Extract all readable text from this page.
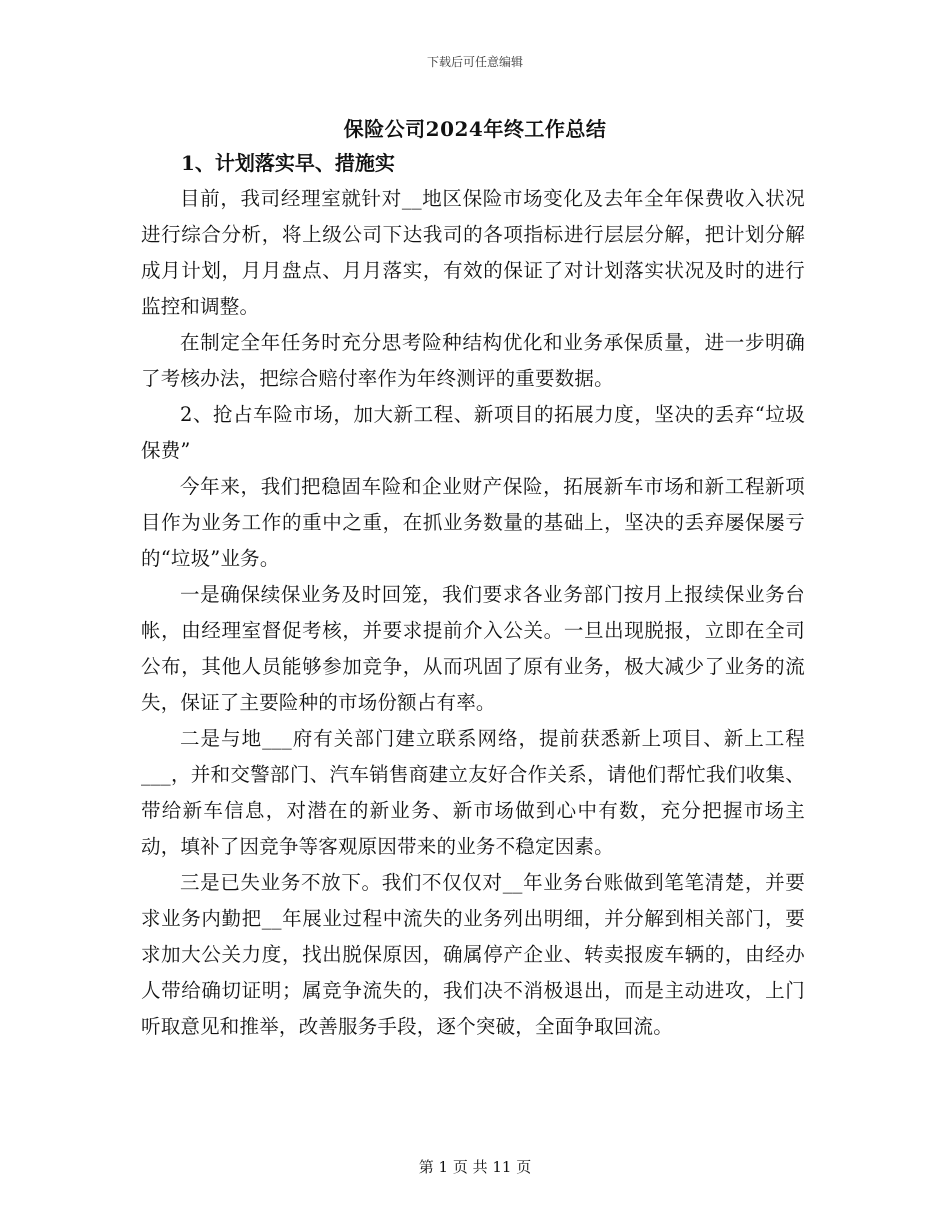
下载后可任意编辑
保险公司2024年终工作总结

1、计划落实早、措施实

目前，我司经理室就针对__地区保险市场变化及去年全年保费收入状况进行综合分析，将上级公司下达我司的各项指标进行层层分解，把计划分解成月计划，月月盘点、月月落实，有效的保证了对计划落实状况及时的进行监控和调整。

在制定全年任务时充分思考险种结构优化和业务承保质量，进一步明确了考核办法，把综合赔付率作为年终测评的重要数据。

2、抢占车险市场，加大新工程、新项目的拓展力度，坚决的丢弃“垃圾保费”

今年来，我们把稳固车险和企业财产保险，拓展新车市场和新工程新项目作为业务工作的重中之重，在抓业务数量的基础上，坚决的丢弃屡保屡亏的“垃圾”业务。

一是确保续保业务及时回笼，我们要求各业务部门按月上报续保业务台帐，由经理室督促考核，并要求提前介入公关。一旦出现脱报，立即在全司公布，其他人员能够参加竞争，从而巩固了原有业务，极大减少了业务的流失，保证了主要险种的市场份额占有率。

二是与地___府有关部门建立联系网络，提前获悉新上项目、新上工程___，并和交警部门、汽车销售商建立友好合作关系，请他们帮忙我们收集、带给新车信息，对潜在的新业务、新市场做到心中有数，充分把握市场主动，填补了因竞争等客观原因带来的业务不稳定因素。

三是已失业务不放下。我们不仅仅对__年业务台账做到笔笔清楚，并要求业务内勤把__年展业过程中流失的业务列出明细，并分解到相关部门，要求加大公关力度，找出脱保原因，确属停产企业、转卖报废车辆的，由经办人带给确切证明；属竞争流失的，我们决不消极退出，而是主动进攻，上门听取意见和推举，改善服务手段，逐个突破，全面争取回流。

第 1 页 共 11 页
